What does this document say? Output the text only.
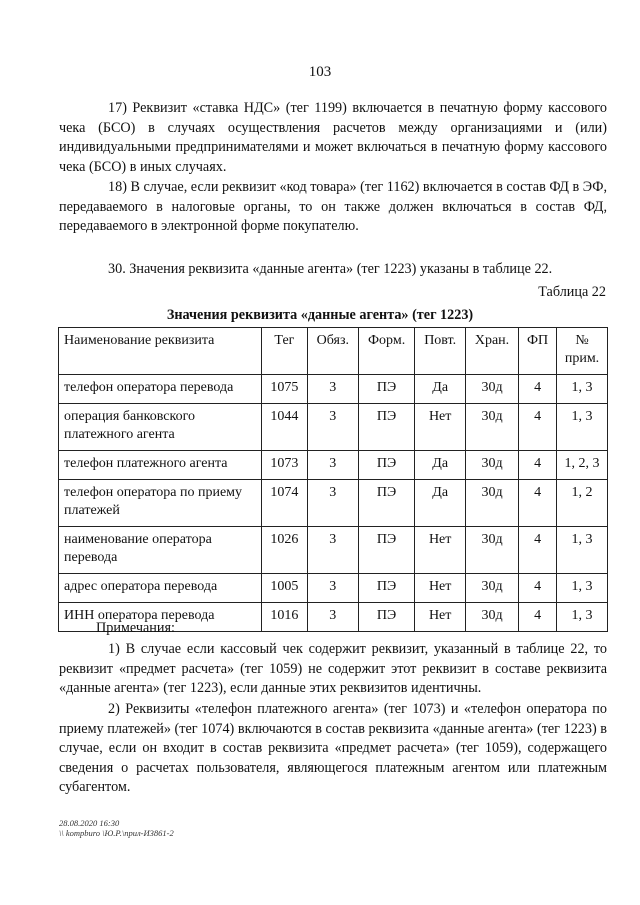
103

17) Реквизит «ставка НДС» (тег 1199) включается в печатную форму кассового чека (БСО) в случаях осуществления расчетов между организациями и (или) индивидуальными предпринимателями и может включаться в печатную форму кассового чека (БСО) в иных случаях.

18) В случае, если реквизит «код товара» (тег 1162) включается в состав ФД в ЭФ, передаваемого в налоговые органы, то он также должен включаться в состав ФД, передаваемого в электронной форме покупателю.

30. Значения реквизита «данные агента» (тег 1223) указаны в таблице 22.

Таблица 22
Значения реквизита «данные агента» (тег 1223)
Наименование реквизита	Тег	Обяз.	Форм.	Повт.	Хран.	ФП	№ прим.
телефон оператора перевода	1075	3	ПЭ	Да	30д	4	1, 3
операция банковского платежного агента	1044	3	ПЭ	Нет	30д	4	1, 3
телефон платежного агента	1073	3	ПЭ	Да	30д	4	1, 2, 3
телефон оператора по приему платежей	1074	3	ПЭ	Да	30д	4	1, 2
наименование оператора перевода	1026	3	ПЭ	Нет	30д	4	1, 3
адрес оператора перевода	1005	3	ПЭ	Нет	30д	4	1, 3
ИНН оператора перевода	1016	3	ПЭ	Нет	30д	4	1, 3
Примечания:

1) В случае если кассовый чек содержит реквизит, указанный в таблице 22, то реквизит «предмет расчета» (тег 1059) не содержит этот реквизит в составе реквизита «данные агента» (тег 1223), если данные этих реквизитов идентичны.

2) Реквизиты «телефон платежного агента» (тег 1073) и «телефон оператора по приему платежей» (тег 1074) включаются в состав реквизита «данные агента» (тег 1223) в случае, если он входит в состав реквизита «предмет расчета» (тег 1059), содержащего сведения о расчетах пользователя, являющегося платежным агентом или платежным субагентом.

28.08.2020 16:30
\\ kompburo \Ю.Р.\прил-И3861-2
